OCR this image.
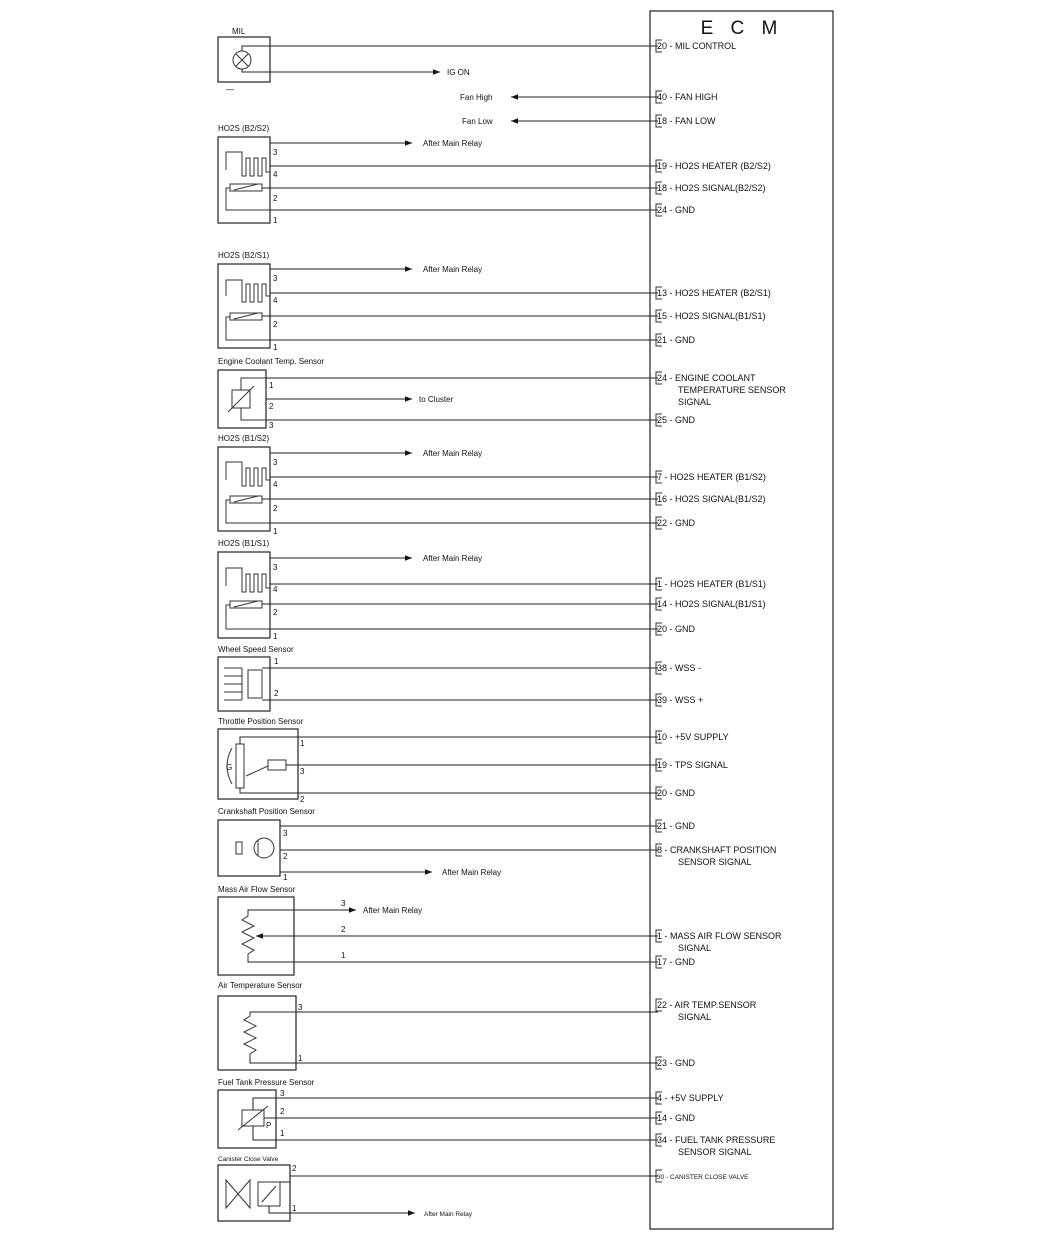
E C M
20 - MIL CONTROL
40 - FAN HIGH
18 - FAN LOW
19 - HO2S HEATER (B2/S2)
18 - HO2S SIGNAL(B2/S2)
24 - GND
13 - HO2S HEATER (B2/S1)
15 - HO2S SIGNAL(B1/S1)
21 - GND
24 - ENGINE COOLANT
TEMPERATURE SENSOR
SIGNAL
25 - GND
7 - HO2S HEATER (B1/S2)
16 - HO2S SIGNAL(B1/S2)
22 - GND
1 - HO2S HEATER (B1/S1)
14 - HO2S SIGNAL(B1/S1)
20 - GND
38 - WSS -
39 - WSS +
10 - +5V SUPPLY
19 - TPS SIGNAL
20 - GND
21 - GND
8 - CRANKSHAFT POSITION
SENSOR SIGNAL
1 - MASS AIR FLOW SENSOR
SIGNAL
17 - GND
22 - AIR TEMP.SENSOR
SIGNAL
23 - GND
4 - +5V SUPPLY
14 - GND
34 - FUEL TANK PRESSURE
SENSOR SIGNAL
30 - CANISTER CLOSE VALVE
MIL
—
IG ON
Fan High
Fan Low
HO2S (B2/S2)
After Main Relay
3
4
2
1
HO2S (B2/S1)
After Main Relay
3
4
2
1
Engine Coolant Temp. Sensor
1
to Cluster
2
3
HO2S (B1/S2)
After Main Relay
3
4
2
1
HO2S (B1/S1)
After Main Relay
3
4
2
1
Wheel Speed Sensor
1
2
Throttle Position Sensor
G
1
3
2
Crankshaft Position Sensor
3
2
After Main Relay
1
Mass Air Flow Sensor
3
After Main Relay
2
1
Air Temperature Sensor
3
1
Fuel Tank Pressure Sensor
P
3
2
1
Canister Close Valve
2
After Main Relay
1
